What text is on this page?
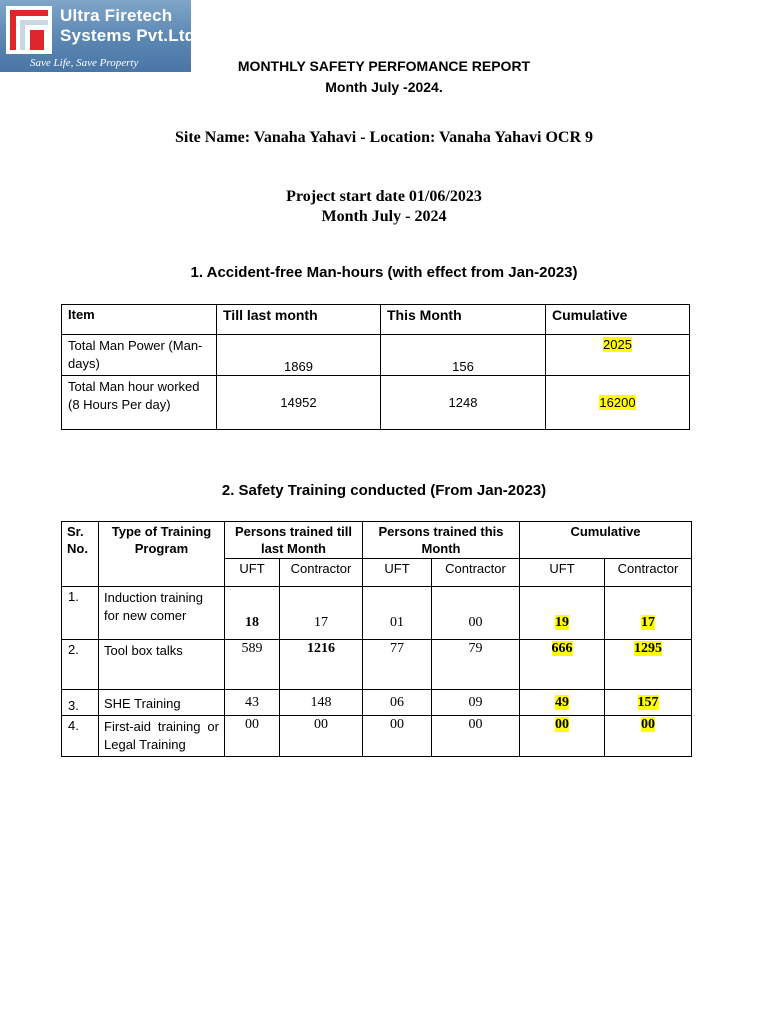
Ultra Firetech
Systems Pvt.Ltd.
Save Life, Save Property	MONTHLY SAFETY PERFOMANCE REPORT
Month July -2024.
Site Name: Vanaha Yahavi - Location: Vanaha Yahavi OCR 9
Project start date 01/06/2023
Month July - 2024
1. Accident-free Man-hours (with effect from Jan-2023)
Item	Till last month	This Month	Cumulative
Total Man Power (Man-days)	1869	156	2025
Total Man hour worked (8 Hours Per day)	14952	1248	16200
2. Safety Training conducted (From Jan-2023)
Sr. No.	Type of Training Program	Persons trained till last Month		Persons trained this Month		Cumulative	
		UFT	Contractor	UFT	Contractor	UFT	Contractor
1.	Induction training for new comer	18	17	01	00	19	17
2.	Tool box talks	589	1216	77	79	666	1295
3.	SHE Training	43	148	06	09	49	157
4.	First-aid training or Legal Training	00	00	00	00	00	00
